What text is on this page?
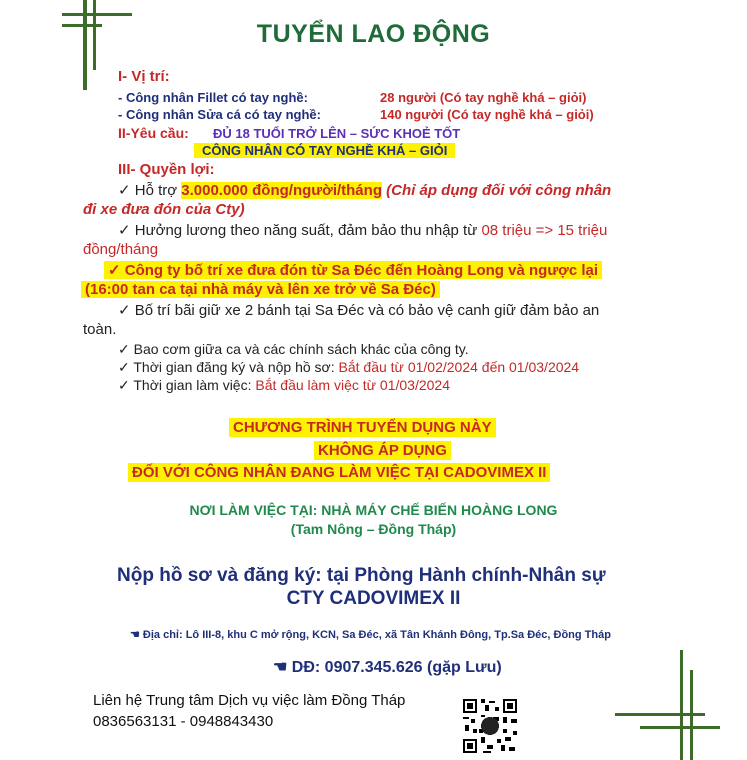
TUYỂN LAO ĐỘNG
I- Vị trí:
- Công nhân Fillet có tay nghề:	28 người (Có tay nghề khá – giỏi)
- Công nhân Sửa cá có tay nghề:	140 người (Có tay nghề khá – giỏi)
II-Yêu cầu: ĐỦ 18 TUỔI TRỞ LÊN – SỨC KHOẺ TỐT
CÔNG NHÂN CÓ TAY NGHỀ KHÁ – GIỎI
III- Quyền lợi:
✓ Hỗ trợ 3.000.000 đồng/người/tháng (Chỉ áp dụng đối với công nhân
đi xe đưa đón của Cty)
✓ Hưởng lương theo năng suất, đảm bảo thu nhập từ 08 triệu => 15 triệu
đồng/tháng
✓ Công ty bố trí xe đưa đón từ Sa Đéc đến Hoàng Long và ngược lại
(16:00 tan ca tại nhà máy và lên xe trở về Sa Đéc)
✓ Bố trí bãi giữ xe 2 bánh tại Sa Đéc và có bảo vệ canh giữ đảm bảo an
toàn.
✓ Bao cơm giữa ca và các chính sách khác của công ty.
✓ Thời gian đăng ký và nộp hồ sơ: Bắt đầu từ 01/02/2024 đến 01/03/2024
✓ Thời gian làm việc: Bắt đầu làm việc từ 01/03/2024
CHƯƠNG TRÌNH TUYỂN DỤNG NÀY
KHÔNG ÁP DỤNG
ĐỐI VỚI CÔNG NHÂN ĐANG LÀM VIỆC TẠI CADOVIMEX II
NƠI LÀM VIỆC TẠI: NHÀ MÁY CHẾ BIẾN HOÀNG LONG
(Tam Nông – Đồng Tháp)
Nộp hồ sơ và đăng ký: tại Phòng Hành chính-Nhân sự
CTY CADOVIMEX II
☚ Địa chỉ: Lô III-8, khu C mở rộng, KCN, Sa Đéc, xã Tân Khánh Đông, Tp.Sa Đéc, Đồng Tháp
☚ DĐ: 0907.345.626 (gặp Lưu)
Liên hệ Trung tâm Dịch vụ việc làm Đồng Tháp
0836563131 - 0948843430
